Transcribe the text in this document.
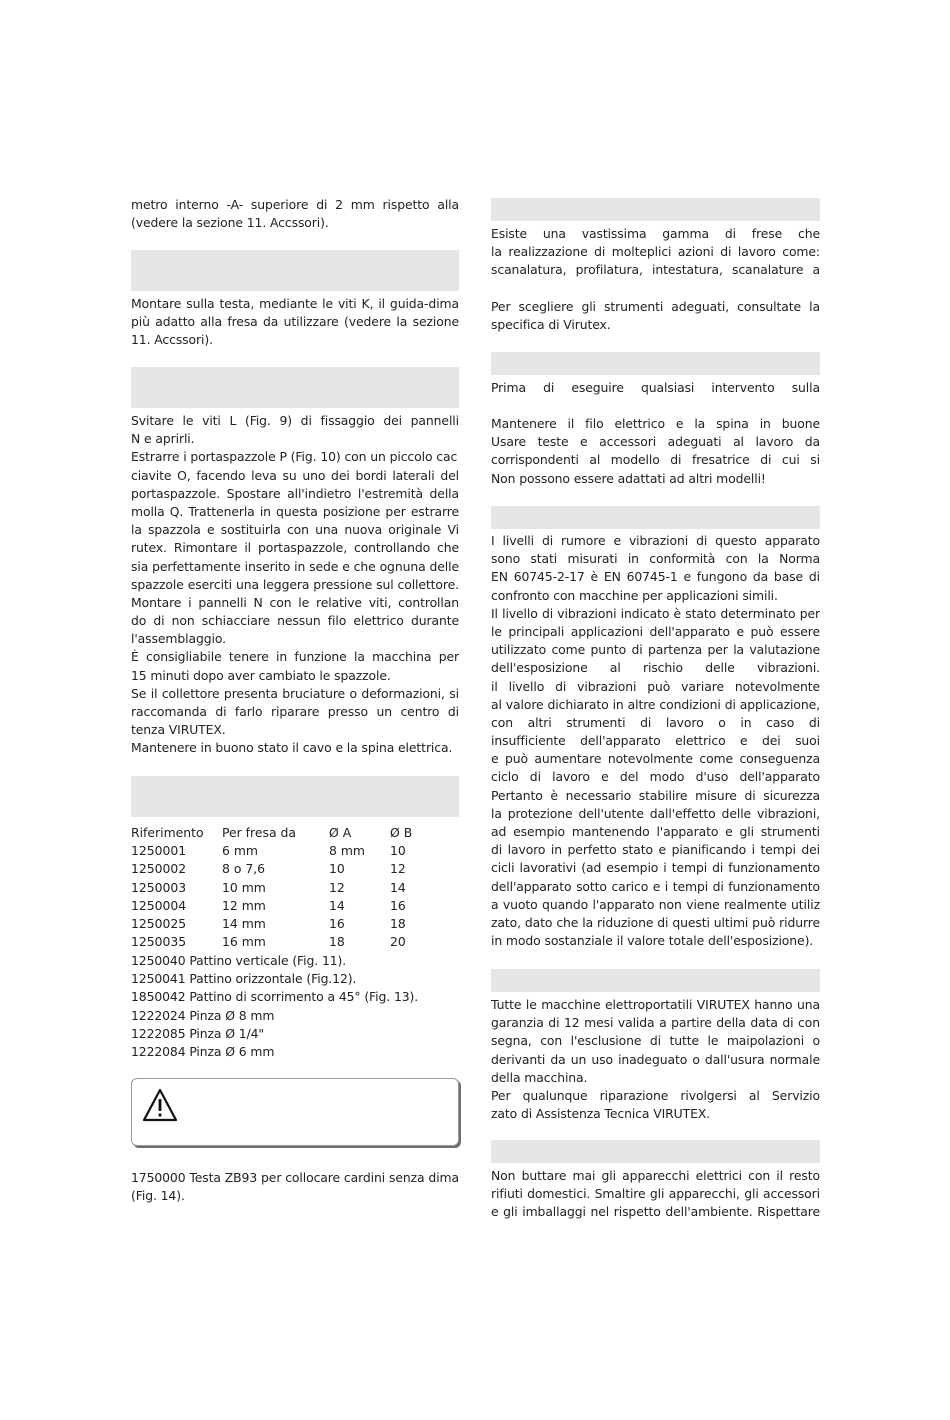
metro interno -A- superiore di 2 mm rispetto alla
(vedere la sezione 11. Accssori).
Montare sulla testa, mediante le viti K, il guida-dima
più adatto alla fresa da utilizzare (vedere la sezione
11. Accssori).
Svitare le viti L (Fig. 9) di fissaggio dei pannelli
N e aprirli.
Estrarre i portaspazzole P (Fig. 10) con un piccolo cac
ciavite O, facendo leva su uno dei bordi laterali del
portaspazzole. Spostare all'indietro l'estremità della
molla Q. Trattenerla in questa posizione per estrarre
la spazzola e sostituirla con una nuova originale Vi
rutex. Rimontare il portaspazzole, controllando che
sia perfettamente inserito in sede e che ognuna delle
spazzole eserciti una leggera pressione sul collettore.
Montare i pannelli N con le relative viti, controllan
do di non schiacciare nessun filo elettrico durante
l'assemblaggio.
È consigliabile tenere in funzione la macchina per
15 minuti dopo aver cambiato le spazzole.
Se il collettore presenta bruciature o deformazioni, si
raccomanda di farlo riparare presso un centro di
tenza VIRUTEX.
Mantenere in buono stato il cavo e la spina elettrica.
Riferimento	Per fresa da	Ø A	Ø B
1250001	6 mm	8 mm	10
1250002	8 o 7,6	10	12
1250003	10 mm	12	14
1250004	12 mm	14	16
1250025	14 mm	16	18
1250035	16 mm	18	20
1250040 Pattino verticale (Fig. 11).
1250041 Pattino orizzontale (Fig.12).
1850042 Pattino di scorrimento a 45° (Fig. 13).
1222024 Pinza Ø 8 mm
1222085 Pinza Ø 1/4"
1222084 Pinza Ø 6 mm
1750000 Testa ZB93 per collocare cardini senza dima
(Fig. 14).
Esiste una vastissima gamma di frese che
la realizzazione di molteplici azioni di lavoro come:
scanalatura, profilatura, intestatura, scanalature a
Per scegliere gli strumenti adeguati, consultate la
specifica di Virutex.
Prima di eseguire qualsiasi intervento sulla
Mantenere il filo elettrico e la spina in buone
Usare teste e accessori adeguati al lavoro da
corrispondenti al modello di fresatrice di cui si
Non possono essere adattati ad altri modelli!
I livelli di rumore e vibrazioni di questo apparato
sono stati misurati in conformità con la Norma
EN 60745-2-17 è EN 60745-1 e fungono da base di
confronto con macchine per applicazioni simili.
Il livello di vibrazioni indicato è stato determinato per
le principali applicazioni dell'apparato e può essere
utilizzato come punto di partenza per la valutazione
dell'esposizione al rischio delle vibrazioni.
il livello di vibrazioni può variare notevolmente
al valore dichiarato in altre condizioni di applicazione,
con altri strumenti di lavoro o in caso di
insufficiente dell'apparato elettrico e dei suoi
e può aumentare notevolmente come conseguenza
ciclo di lavoro e del modo d'uso dell'apparato
Pertanto è necessario stabilire misure di sicurezza
la protezione dell'utente dall'effetto delle vibrazioni,
ad esempio mantenendo l'apparato e gli strumenti
di lavoro in perfetto stato e pianificando i tempi dei
cicli lavorativi (ad esempio i tempi di funzionamento
dell'apparato sotto carico e i tempi di funzionamento
a vuoto quando l'apparato non viene realmente utiliz
zato, dato che la riduzione di questi ultimi può ridurre
in modo sostanziale il valore totale dell'esposizione).
Tutte le macchine elettroportatili VIRUTEX hanno una
garanzia di 12 mesi valida a partire della data di con
segna, con l'esclusione di tutte le maipolazioni o
derivanti da un uso inadeguato o dall'usura normale
della macchina.
Per qualunque riparazione rivolgersi al Servizio
zato di Assistenza Tecnica VIRUTEX.
Non buttare mai gli apparecchi elettrici con il resto
rifiuti domestici. Smaltire gli apparecchi, gli accessori
e gli imballaggi nel rispetto dell'ambiente. Rispettare
